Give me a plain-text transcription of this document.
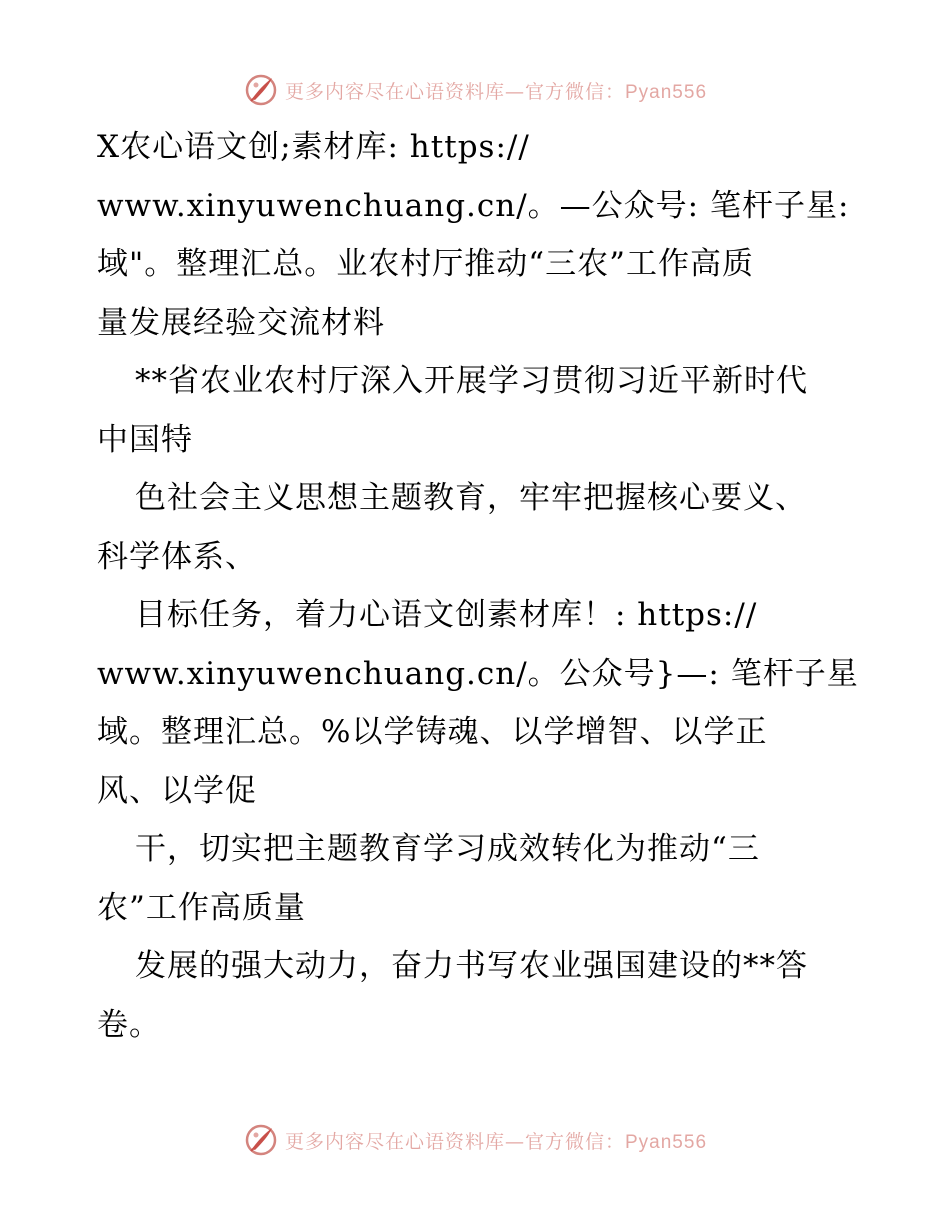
更多内容尽在心语资料库—官方微信：Pyan556
X农心语文创;素材库: https://
www.xinyuwenchuang.cn/。—公众号: 笔杆子星:
域"。整理汇总。业农村厅推动“三农”工作高质
量发展经验交流材料
**省农业农村厅深入开展学习贯彻习近平新时代
中国特
色社会主义思想主题教育，牢牢把握核心要义、
科学体系、
目标任务，着力心语文创素材库！: https://
www.xinyuwenchuang.cn/。公众号}—: 笔杆子星
域。整理汇总。%以学铸魂、以学增智、以学正
风、以学促
干，切实把主题教育学习成效转化为推动“三
农”工作高质量
发展的强大动力，奋力书写农业强国建设的**答
卷。
更多内容尽在心语资料库—官方微信：Pyan556
